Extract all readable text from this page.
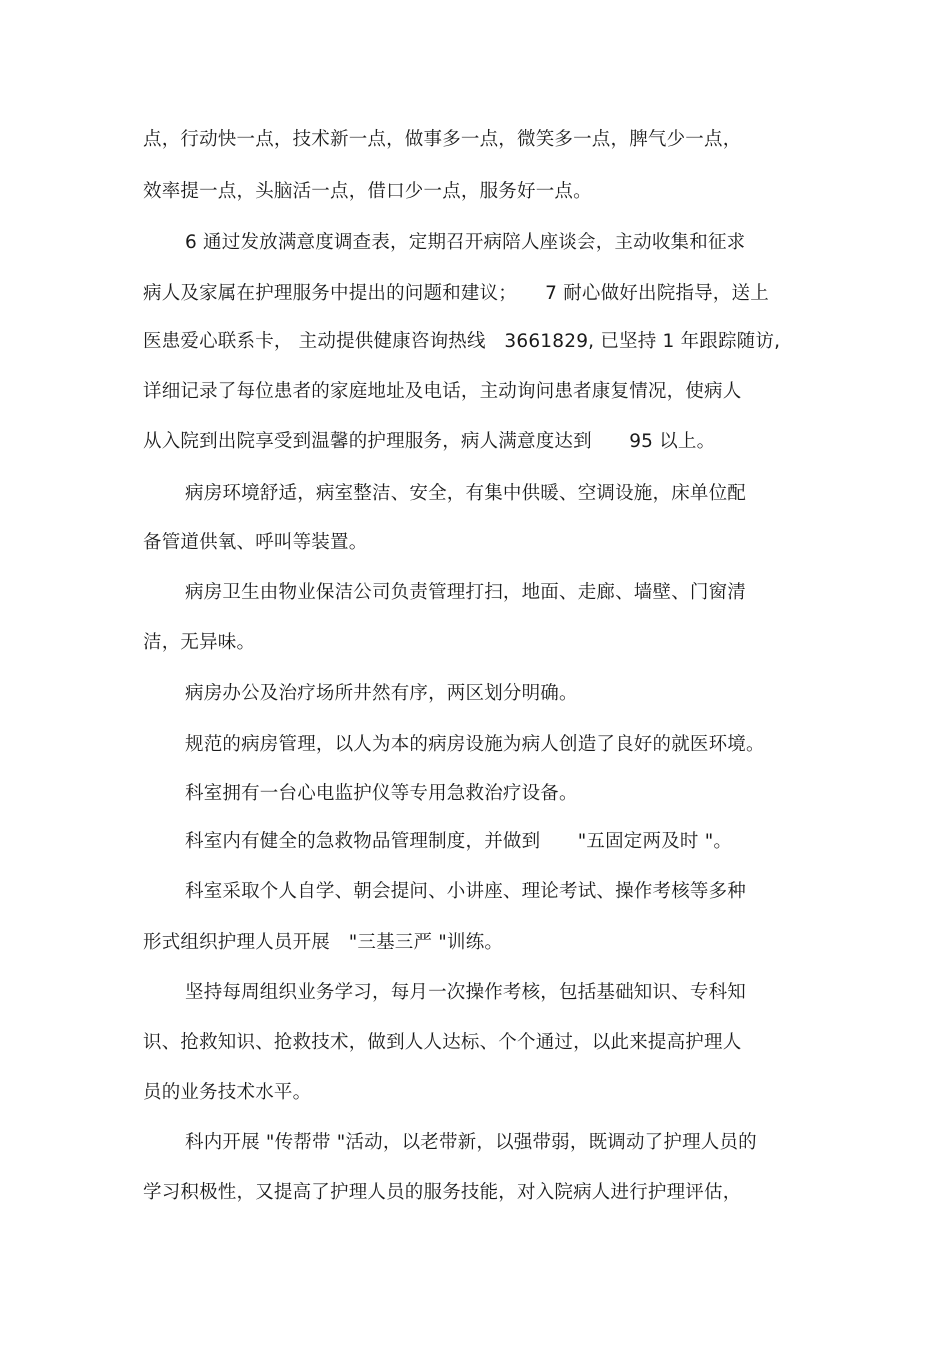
点，行动快一点，技术新一点，做事多一点，微笑多一点，脾气少一点，
效率提一点，头脑活一点，借口少一点，服务好一点。
6 通过发放满意度调查表，定期召开病陪人座谈会，主动收集和征求
病人及家属在护理服务中提出的问题和建议；　　7 耐心做好出院指导，送上
医患爱心联系卡， 主动提供健康咨询热线　3661829, 已坚持 1 年跟踪随访,
详细记录了每位患者的家庭地址及电话，主动询问患者康复情况，使病人
从入院到出院享受到温馨的护理服务，病人满意度达到　　95 以上。
病房环境舒适，病室整洁、安全，有集中供暖、空调设施，床单位配
备管道供氧、呼叫等装置。
病房卫生由物业保洁公司负责管理打扫，地面、走廊、墙壁、门窗清
洁，无异味。
病房办公及治疗场所井然有序，两区划分明确。
规范的病房管理，以人为本的病房设施为病人创造了良好的就医环境。
科室拥有一台心电监护仪等专用急救治疗设备。
科室内有健全的急救物品管理制度，并做到　　"五固定两及时 "。
科室采取个人自学、朝会提问、小讲座、理论考试、操作考核等多种
形式组织护理人员开展　"三基三严 "训练。
坚持每周组织业务学习，每月一次操作考核，包括基础知识、专科知
识、抢救知识、抢救技术，做到人人达标、个个通过，以此来提高护理人
员的业务技术水平。
科内开展 "传帮带 "活动，以老带新，以强带弱，既调动了护理人员的
学习积极性，又提高了护理人员的服务技能，对入院病人进行护理评估，
